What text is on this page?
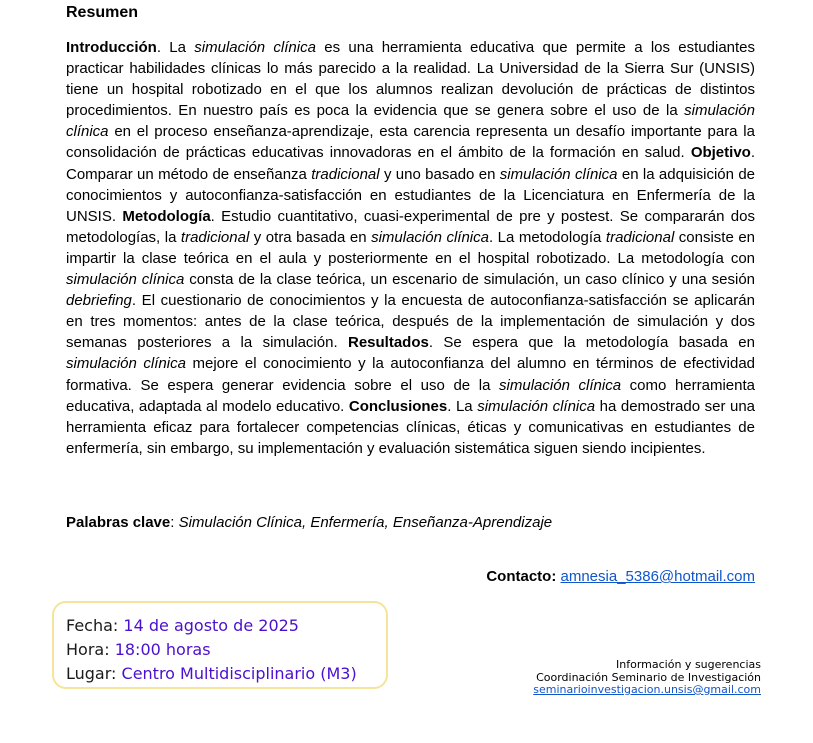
Resumen

Introducción. La simulación clínica es una herramienta educativa que permite a los estudiantes practicar habilidades clínicas lo más parecido a la realidad. La Universidad de la Sierra Sur (UNSIS) tiene un hospital robotizado en el que los alumnos realizan devolución de prácticas de distintos procedimientos. En nuestro país es poca la evidencia que se genera sobre el uso de la simulación clínica en el proceso enseñanza-aprendizaje, esta carencia representa un desafío importante para la consolidación de prácticas educativas innovadoras en el ámbito de la formación en salud. Objetivo. Comparar un método de enseñanza tradicional y uno basado en simulación clínica en la adquisición de conocimientos y autoconfianza-satisfacción en estudiantes de la Licenciatura en Enfermería de la UNSIS. Metodología. Estudio cuantitativo, cuasi-experimental de pre y postest. Se compararán dos metodologías, la tradicional y otra basada en simulación clínica. La metodología tradicional consiste en impartir la clase teórica en el aula y posteriormente en el hospital robotizado. La metodología con simulación clínica consta de la clase teórica, un escenario de simulación, un caso clínico y una sesión debriefing. El cuestionario de conocimientos y la encuesta de autoconfianza-satisfacción se aplicarán en tres momentos: antes de la clase teórica, después de la implementación de simulación y dos semanas posteriores a la simulación. Resultados. Se espera que la metodología basada en simulación clínica mejore el conocimiento y la autoconfianza del alumno en términos de efectividad formativa. Se espera generar evidencia sobre el uso de la simulación clínica como herramienta educativa, adaptada al modelo educativo. Conclusiones. La simulación clínica ha demostrado ser una herramienta eficaz para fortalecer competencias clínicas, éticas y comunicativas en estudiantes de enfermería, sin embargo, su implementación y evaluación sistemática siguen siendo incipientes.

Palabras clave: Simulación Clínica, Enfermería, Enseñanza-Aprendizaje

Contacto: amnesia_5386@hotmail.com
Fecha: 14 de agosto de 2025
Hora: 18:00 horas
Lugar: Centro Multidisciplinario (M3)	Información y sugerencias
Coordinación Seminario de Investigación
seminarioinvestigacion.unsis@gmail.com
